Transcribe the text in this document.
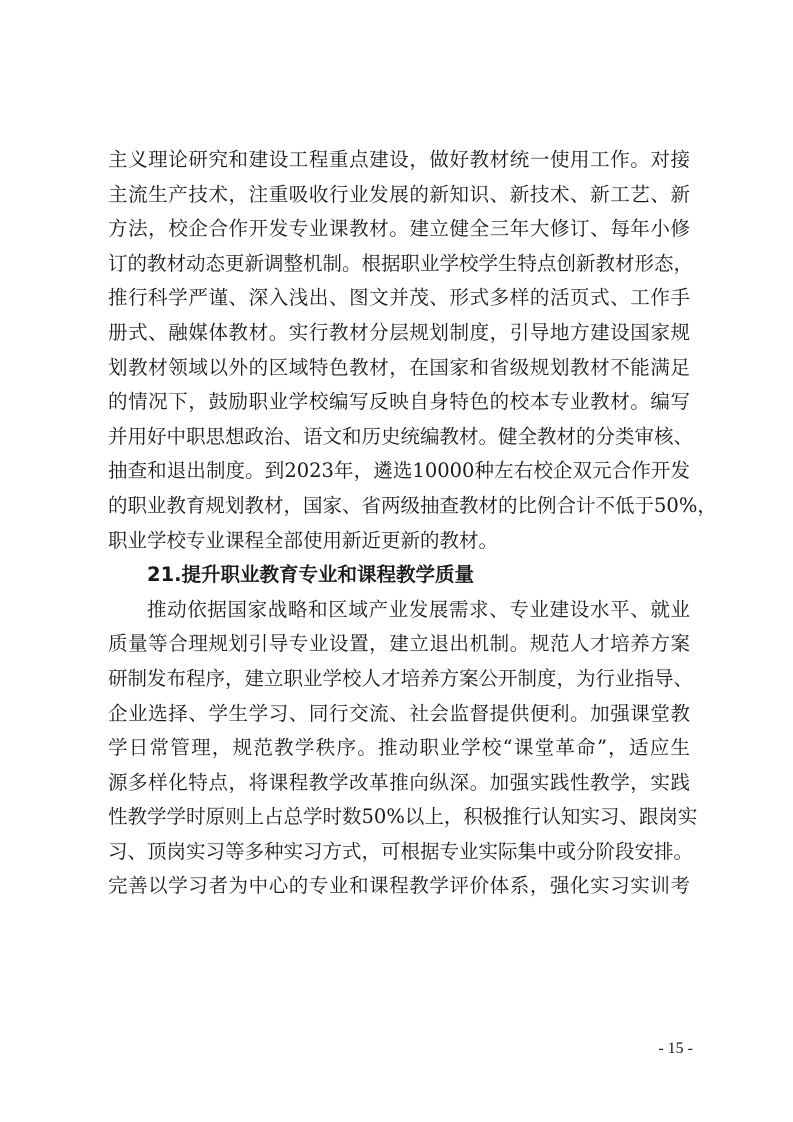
主义理论研究和建设工程重点建设，做好教材统一使用工作。对接
主流生产技术，注重吸收行业发展的新知识、新技术、新工艺、新
方法，校企合作开发专业课教材。建立健全三年大修订、每年小修
订的教材动态更新调整机制。根据职业学校学生特点创新教材形态，
推行科学严谨、深入浅出、图文并茂、形式多样的活页式、工作手
册式、融媒体教材。实行教材分层规划制度，引导地方建设国家规
划教材领域以外的区域特色教材，在国家和省级规划教材不能满足
的情况下，鼓励职业学校编写反映自身特色的校本专业教材。编写
并用好中职思想政治、语文和历史统编教材。健全教材的分类审核、
抽查和退出制度。到2023年，遴选10000种左右校企双元合作开发
的职业教育规划教材，国家、省两级抽查教材的比例合计不低于50%，
职业学校专业课程全部使用新近更新的教材。
21.提升职业教育专业和课程教学质量
推动依据国家战略和区域产业发展需求、专业建设水平、就业
质量等合理规划引导专业设置，建立退出机制。规范人才培养方案
研制发布程序，建立职业学校人才培养方案公开制度，为行业指导、
企业选择、学生学习、同行交流、社会监督提供便利。加强课堂教
学日常管理，规范教学秩序。推动职业学校“课堂革命”，适应生
源多样化特点，将课程教学改革推向纵深。加强实践性教学，实践
性教学学时原则上占总学时数50%以上，积极推行认知实习、跟岗实
习、顶岗实习等多种实习方式，可根据专业实际集中或分阶段安排。
完善以学习者为中心的专业和课程教学评价体系，强化实习实训考
- 15 -
